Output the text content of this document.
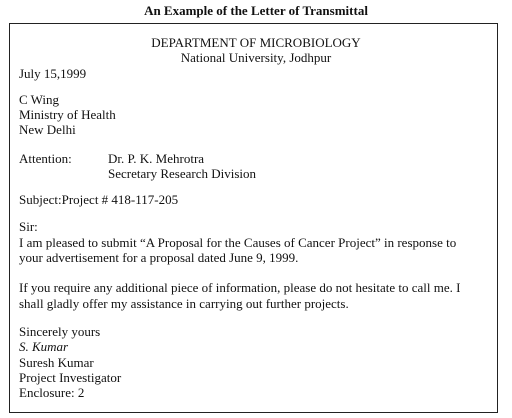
An Example of the Letter of Transmittal
DEPARTMENT OF MICROBIOLOGY
National University, Jodhpur
July 15,1999
C Wing
Ministry of Health
New Delhi
Attention:	Dr. P. K. Mehrotra
Secretary Research Division
Subject:Project # 418-117-205
Sir:
I am pleased to submit “A Proposal for the Causes of Cancer Project” in response to
your advertisement for a proposal dated June 9, 1999.
If you require any additional piece of information, please do not hesitate to call me. I
shall gladly offer my assistance in carrying out further projects.
Sincerely yours
S. Kumar
Suresh Kumar
Project Investigator
Enclosure: 2
